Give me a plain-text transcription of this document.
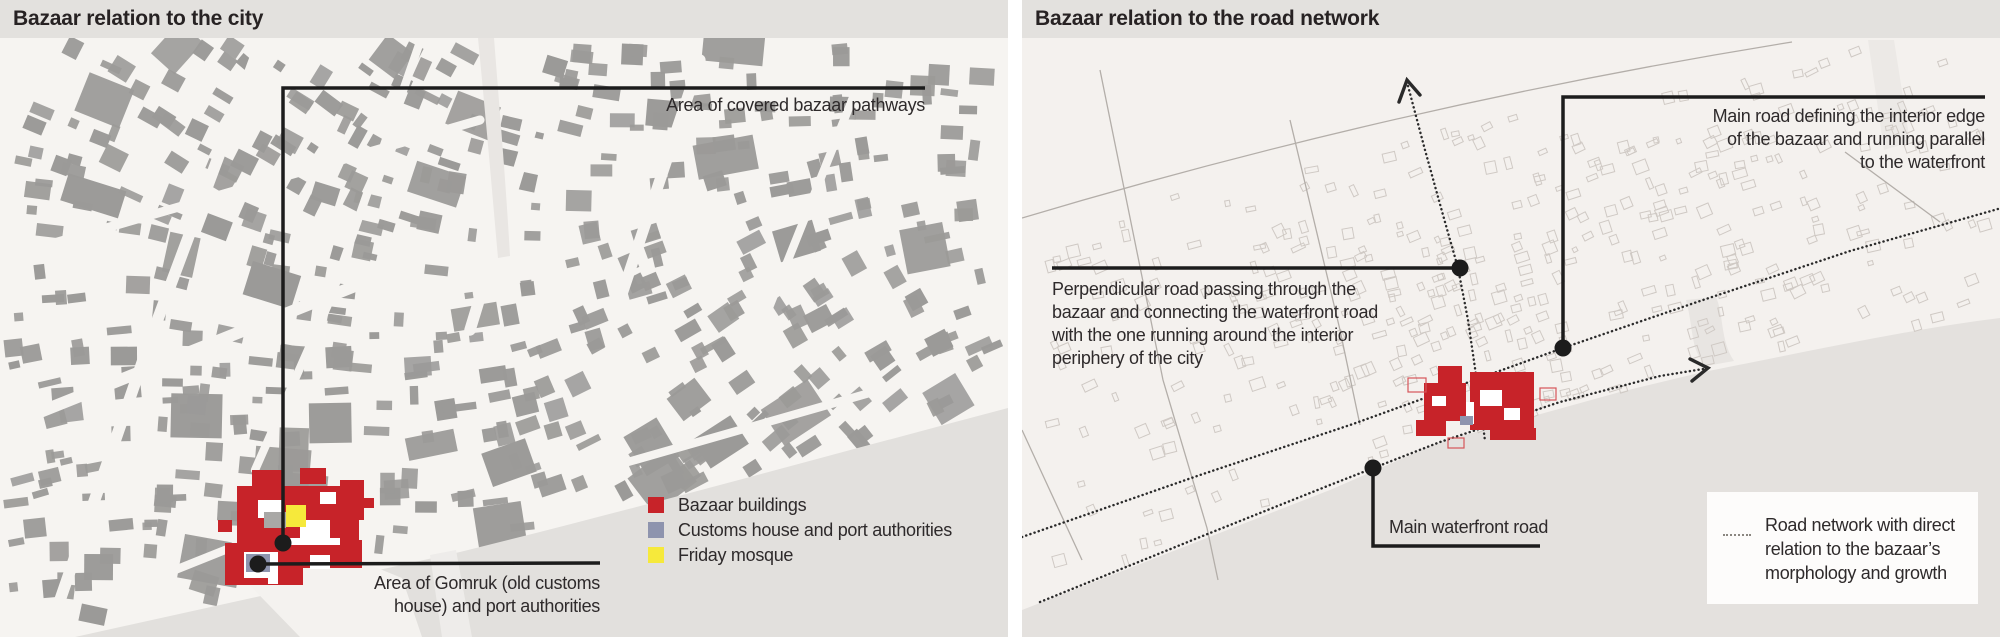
Bazaar relation to the city
Area of covered bazaar pathways
Area of Gomruk (old customs house) and port authorities
Bazaar buildings
Customs house and port authorities
Friday mosque
Bazaar relation to the road network
Main road defining the interior edge of the bazaar and running parallel to the waterfront
Perpendicular road passing through the bazaar and connecting the waterfront road with the one running around the interior periphery of the city
Main waterfront road	Road network with direct relation to the bazaar’s morphology and growth
